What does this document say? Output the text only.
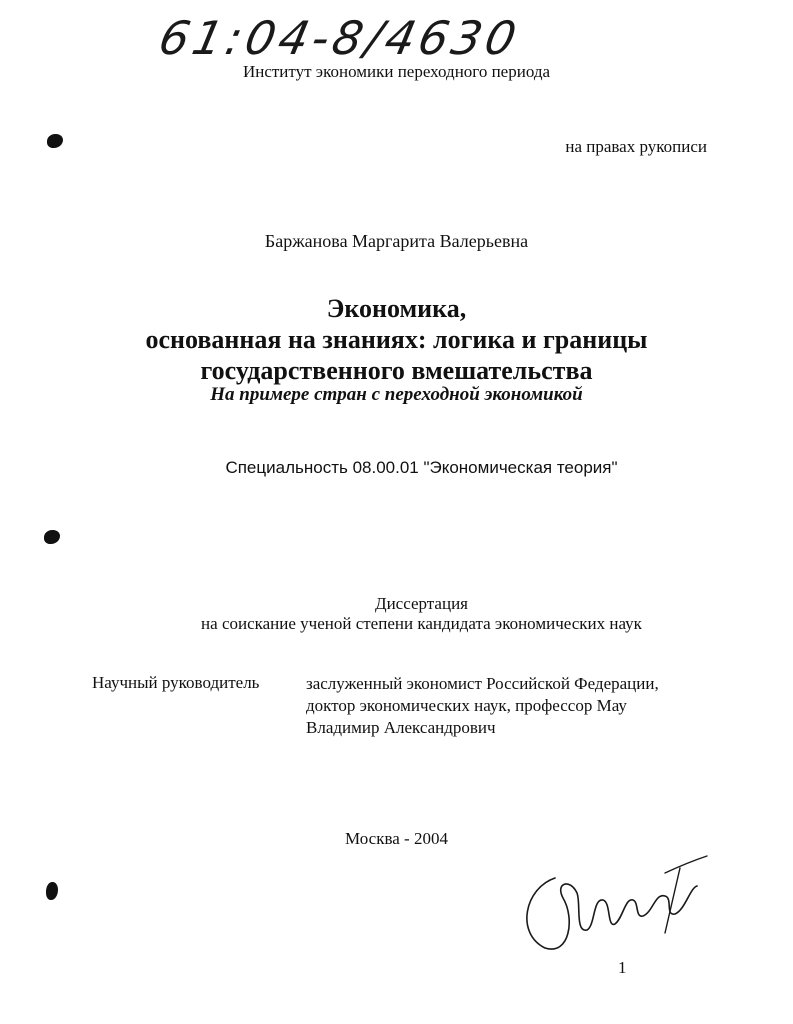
61:04-8/4630
Институт экономики переходного периода
на правах рукописи
Баржанова Маргарита Валерьевна
Экономика,
основанная на знаниях: логика и границы
государственного вмешательства
На примере стран с переходной экономикой
Специальность 08.00.01 "Экономическая теория"
Диссертация
на соискание ученой степени кандидата экономических наук
Научный руководитель	заслуженный экономист Российской Федерации,
доктор экономических наук, профессор Мау
Владимир Александрович
Москва - 2004
1
